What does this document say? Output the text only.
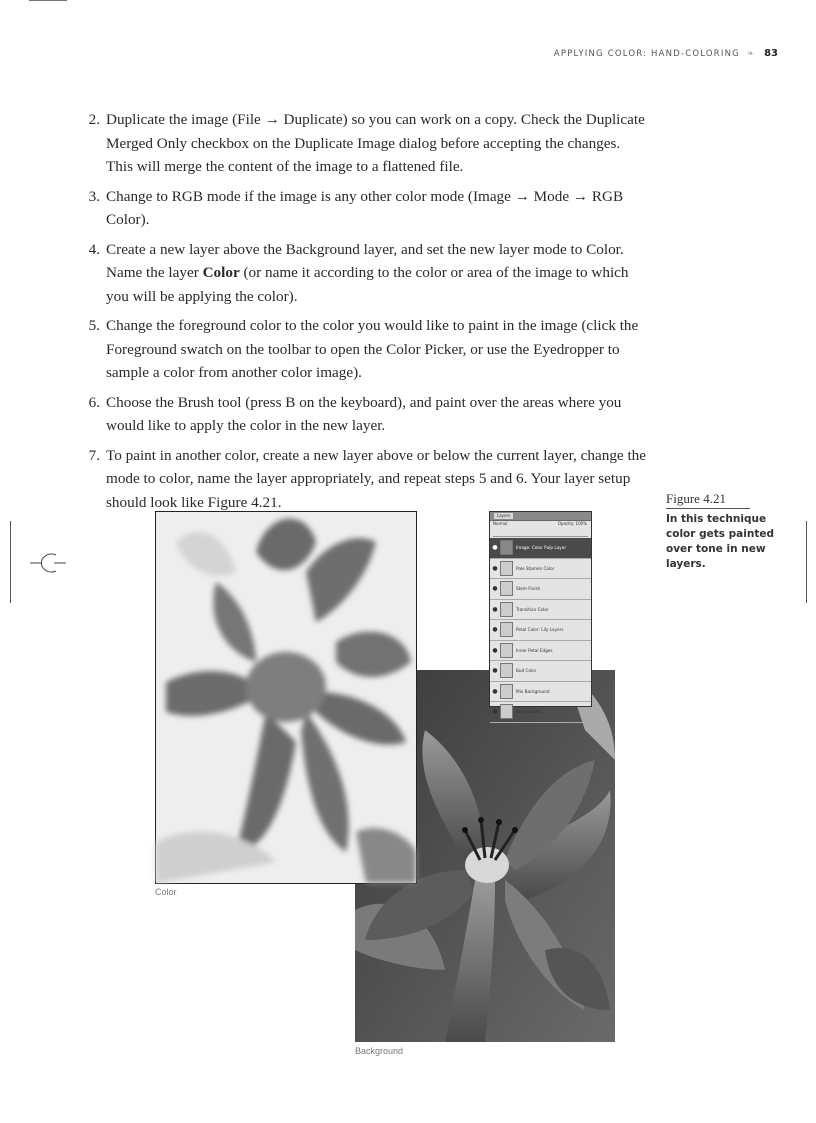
APPLYING COLOR: HAND-COLORING ❧ 83
2. Duplicate the image (File → Duplicate) so you can work on a copy. Check the Duplicate Merged Only checkbox on the Duplicate Image dialog before accepting the changes. This will merge the content of the image to a flattened file.
3. Change to RGB mode if the image is any other color mode (Image → Mode → RGB Color).
4. Create a new layer above the Background layer, and set the new layer mode to Color. Name the layer Color (or name it according to the color or area of the image to which you will be applying the color).
5. Change the foreground color to the color you would like to paint in the image (click the Foreground swatch on the toolbar to open the Color Picker, or use the Eyedropper to sample a color from another color image).
6. Choose the Brush tool (press B on the keyboard), and paint over the areas where you would like to apply the color in the new layer.
7. To paint in another color, create a new layer above or below the current layer, change the mode to color, name the layer appropriately, and repeat steps 5 and 6. Your layer setup should look like Figure 4.21.	Figure 4.21
In this technique color gets painted over tone in new layers.
Layers
Normal	Opacity: 100%
●	Image: Color Pulp Layer
●	Pale Stamen Color
●	Stem Finish
●	Transition Color
●	Petal Color: Lily Layers
●	Inner Petal Edges
●	Bud Color
●	Mix Background
●	Background
Color
Background
